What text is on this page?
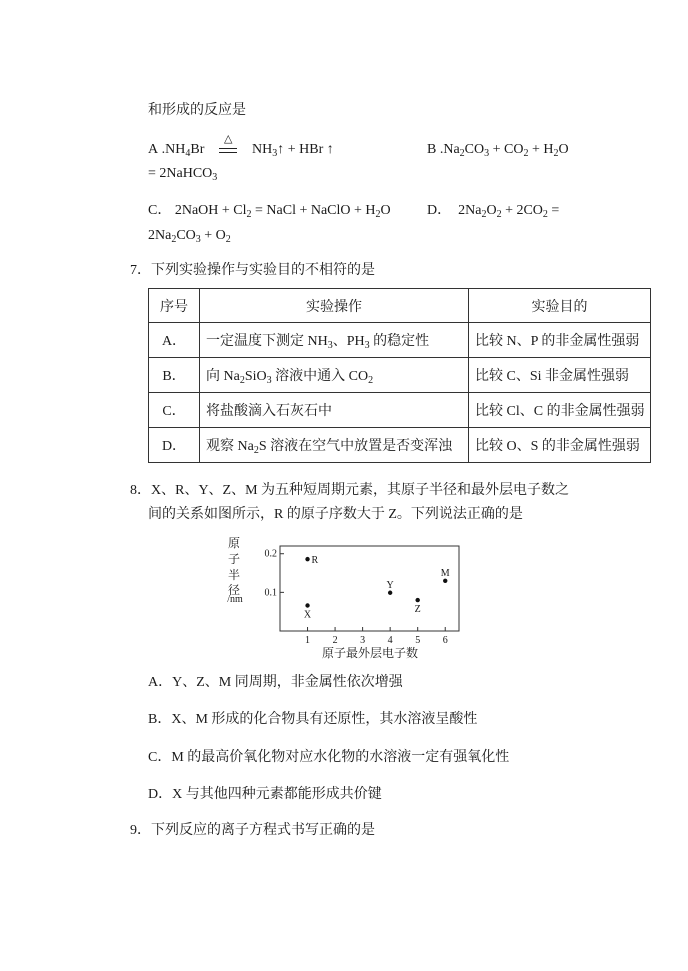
和形成的反应是
A $.NH_4Br$
△
$NH_3↑$ + HBr ↑	B $.Na_2CO_3 + CO_2 + H_2O$
= 2NaHCO$_3$
C． 2NaOH + $Cl_2$ = NaCl + NaClO + $H_2O$	D． $2Na_2O_2 + 2CO_2$ =
$2Na_2CO_3 + O_2$
7．下列实验操作与实验目的不相符的是
序号	实验操作	实验目的
A．	一定温度下测定 $NH_3$、$PH_3$ 的稳定性	比较 N、P 的非金属性强弱
B．	向 $Na_2SiO_3$ 溶液中通入 $CO_2$	比较 C、Si 非金属性强弱
C．	将盐酸滴入石灰石中	比较 Cl、C 的非金属性强弱
D．	观察 $Na_2S$ 溶液在空气中放置是否变浑浊	比较 O、S 的非金属性强弱
8．X、R、Y、Z、M 为五种短周期元素，其原子半径和最外层电子数之
间的关系如图所示，R 的原子序数大于 Z。下列说法正确的是
原
子
半
径
/nm
1 2 3 4 5 6
0.1
0.2
X
R
Y
Z
M
原子最外层电子数
A．Y、Z、M 同周期，非金属性依次增强
B．X、M 形成的化合物具有还原性，其水溶液呈酸性
C．M 的最高价氧化物对应水化物的水溶液一定有强氧化性
D．X 与其他四种元素都能形成共价键
9．下列反应的离子方程式书写正确的是
